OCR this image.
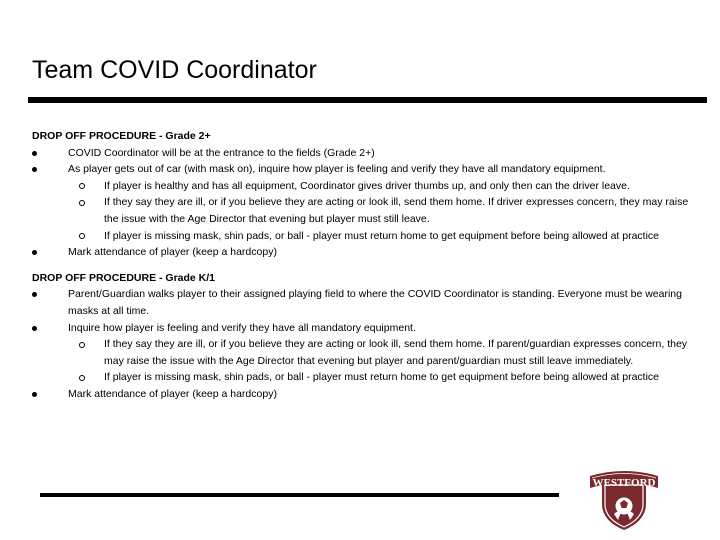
Team COVID Coordinator
DROP OFF PROCEDURE - Grade 2+
COVID Coordinator will be at the entrance to the fields (Grade 2+)
As player gets out of car (with mask on), inquire how player is feeling and verify they have all mandatory equipment.
If player is healthy and has all equipment, Coordinator gives driver thumbs up, and only then can the driver leave.
If they say they are ill, or if you believe they are acting or look ill, send them home. If driver expresses concern, they may raise the issue with the Age Director that evening but player must still leave.
If player is missing mask, shin pads, or ball - player must return home to get equipment before being allowed at practice
Mark attendance of player (keep a hardcopy)
DROP OFF PROCEDURE - Grade K/1
Parent/Guardian walks player to their assigned playing field to where the COVID Coordinator is standing. Everyone must be wearing masks at all time.
Inquire how player is feeling and verify they have all mandatory equipment.
If they say they are ill, or if you believe they are acting or look ill, send them home. If parent/guardian expresses concern, they may raise the issue with the Age Director that evening but player and parent/guardian must still leave immediately.
If player is missing mask, shin pads, or ball - player must return home to get equipment before being allowed at practice
Mark attendance of player (keep a hardcopy)
WESTFORD
